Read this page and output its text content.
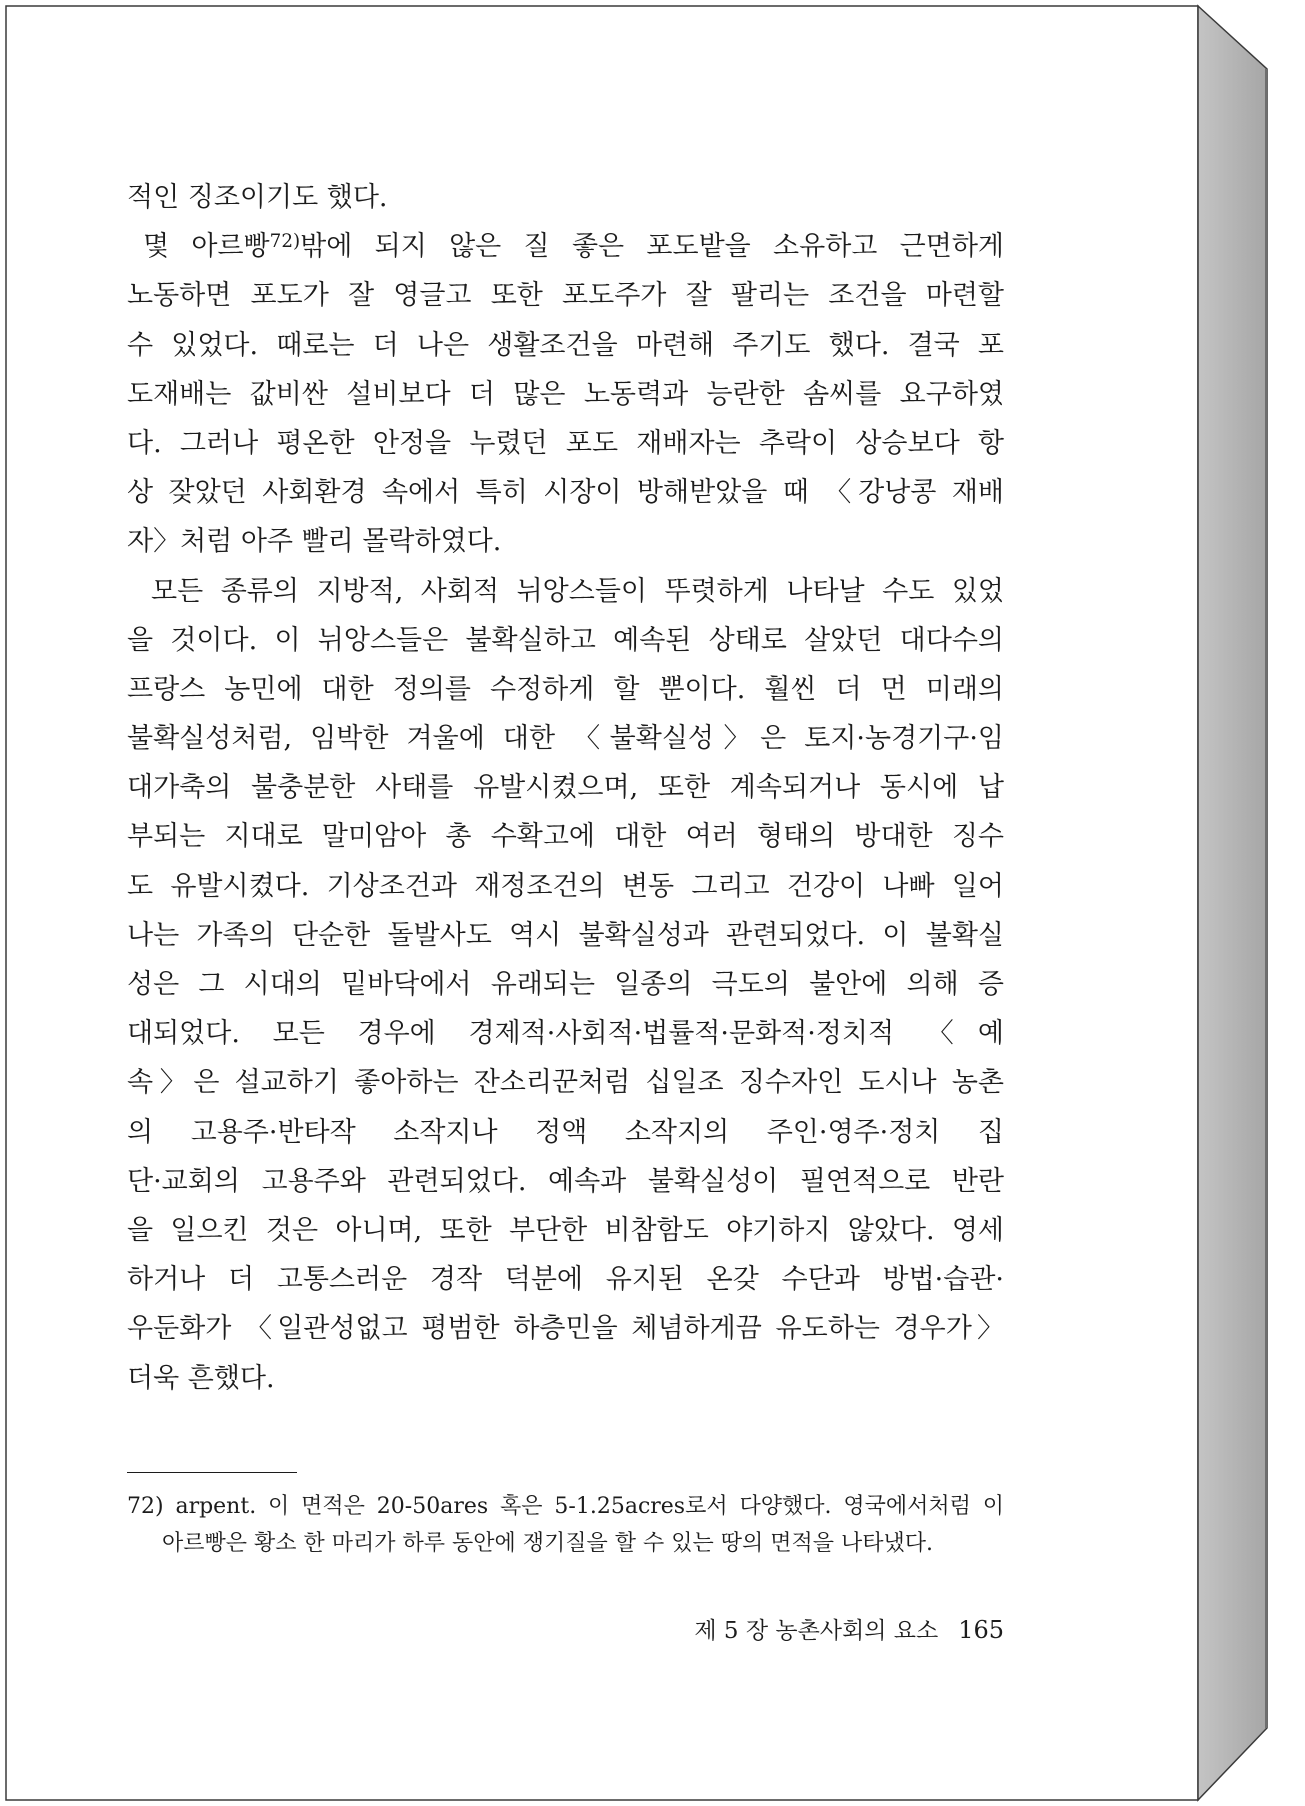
적인 징조이기도 했다.
몇 아르빵$^{72)}$밖에 되지 않은 질 좋은 포도밭을 소유하고 근면하게
노동하면 포도가 잘 영글고 또한 포도주가 잘 팔리는 조건을 마련할
수 있었다. 때로는 더 나은 생활조건을 마련해 주기도 했다. 결국 포
도재배는 값비싼 설비보다 더 많은 노동력과 능란한 솜씨를 요구하였
다. 그러나 평온한 안정을 누렸던 포도 재배자는 추락이 상승보다 항
상 잦았던 사회환경 속에서 특히 시장이 방해받았을 때 〈강낭콩 재배
자〉처럼 아주 빨리 몰락하였다.
모든 종류의 지방적, 사회적 뉘앙스들이 뚜렷하게 나타날 수도 있었
을 것이다. 이 뉘앙스들은 불확실하고 예속된 상태로 살았던 대다수의
프랑스 농민에 대한 정의를 수정하게 할 뿐이다. 훨씬 더 먼 미래의
불확실성처럼, 임박한 겨울에 대한 〈불확실성〉은 토지·농경기구·임
대가축의 불충분한 사태를 유발시켰으며, 또한 계속되거나 동시에 납
부되는 지대로 말미암아 총 수확고에 대한 여러 형태의 방대한 징수
도 유발시켰다. 기상조건과 재정조건의 변동 그리고 건강이 나빠 일어
나는 가족의 단순한 돌발사도 역시 불확실성과 관련되었다. 이 불확실
성은 그 시대의 밑바닥에서 유래되는 일종의 극도의 불안에 의해 증
대되었다. 모든 경우에 경제적·사회적·법률적·문화적·정치적 〈예
속〉은 설교하기 좋아하는 잔소리꾼처럼 십일조 징수자인 도시나 농촌
의 고용주·반타작 소작지나 정액 소작지의 주인·영주·정치 집
단·교회의 고용주와 관련되었다. 예속과 불확실성이 필연적으로 반란
을 일으킨 것은 아니며, 또한 부단한 비참함도 야기하지 않았다. 영세
하거나 더 고통스러운 경작 덕분에 유지된 온갖 수단과 방법·습관·
우둔화가 〈일관성없고 평범한 하층민을 체념하게끔 유도하는 경우가〉
더욱 흔했다.
72) arpent. 이 면적은 20-50ares 혹은 5-1.25acres로서 다양했다. 영국에서처럼 이
아르빵은 황소 한 마리가 하루 동안에 쟁기질을 할 수 있는 땅의 면적을 나타냈다.
제 5 장 농촌사회의 요소 165
